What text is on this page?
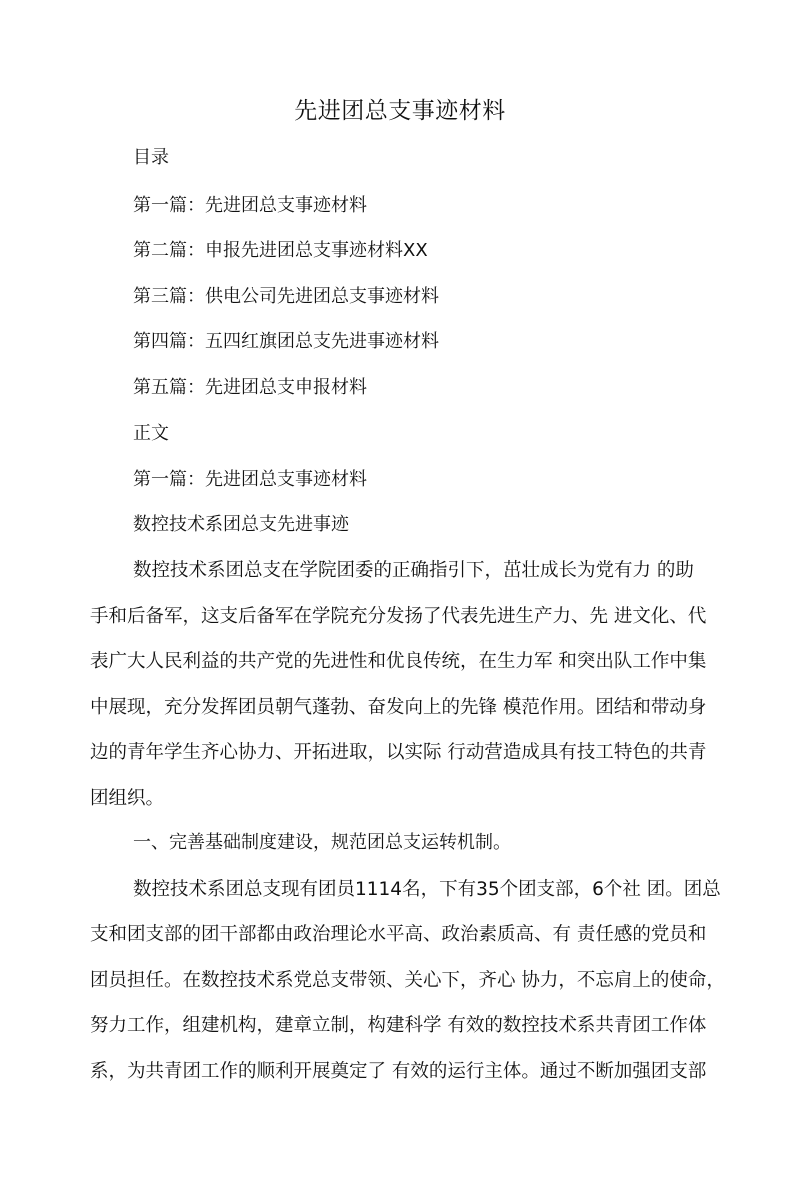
先进团总支事迹材料
目录
第一篇：先进团总支事迹材料
第二篇：申报先进团总支事迹材料XX
第三篇：供电公司先进团总支事迹材料
第四篇：五四红旗团总支先进事迹材料
第五篇：先进团总支申报材料
正文
第一篇：先进团总支事迹材料
数控技术系团总支先进事迹
数控技术系团总支在学院团委的正确指引下，茁壮成长为党有力 的助
手和后备军，这支后备军在学院充分发扬了代表先进生产力、先 进文化、代
表广大人民利益的共产党的先进性和优良传统，在生力军 和突出队工作中集
中展现，充分发挥团员朝气蓬勃、奋发向上的先锋 模范作用。团结和带动身
边的青年学生齐心协力、开拓进取，以实际 行动营造成具有技工特色的共青
团组织。
一、完善基础制度建设，规范团总支运转机制。
数控技术系团总支现有团员1114名，下有35个团支部，6个社 团。团总
支和团支部的团干部都由政治理论水平高、政治素质高、有 责任感的党员和
团员担任。在数控技术系党总支带领、关心下，齐心 协力，不忘肩上的使命，
努力工作，组建机构，建章立制，构建科学 有效的数控技术系共青团工作体
系，为共青团工作的顺利开展奠定了 有效的运行主体。通过不断加强团支部
